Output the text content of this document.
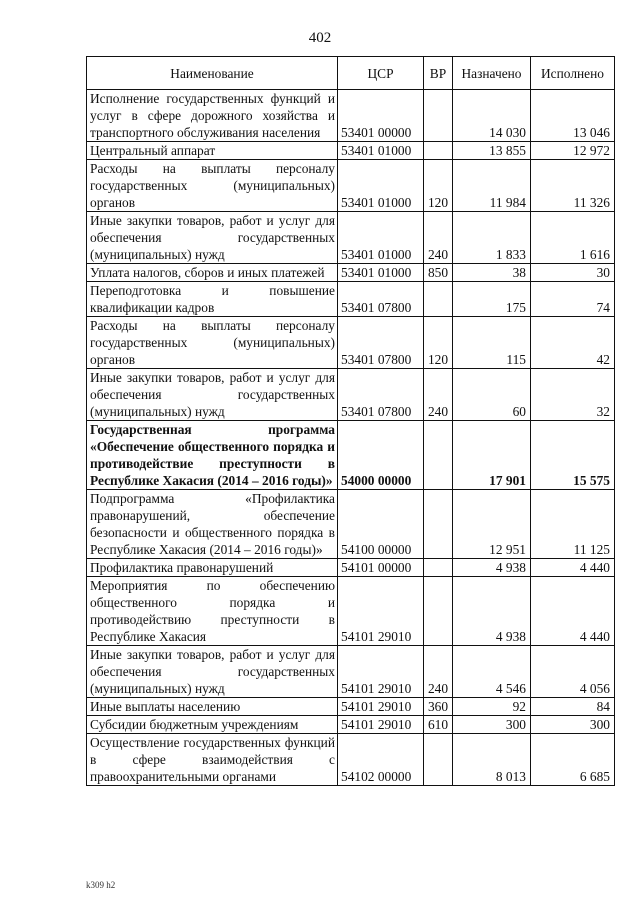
402
Наименование	ЦСР	ВР	Назначено	Исполнено
Исполнение государственных функций и услуг в сфере дорожного хозяйства и транспортного обслуживания населения	53401 00000		14 030	13 046
Центральный аппарат	53401 01000		13 855	12 972
Расходы на выплаты персоналу государственных (муниципальных) органов	53401 01000	120	11 984	11 326
Иные закупки товаров, работ и услуг для обеспечения государственных (муниципальных) нужд	53401 01000	240	1 833	1 616
Уплата налогов, сборов и иных платежей	53401 01000	850	38	30
Переподготовка и повышение квалификации кадров	53401 07800		175	74
Расходы на выплаты персоналу государственных (муниципальных) органов	53401 07800	120	115	42
Иные закупки товаров, работ и услуг для обеспечения государственных (муниципальных) нужд	53401 07800	240	60	32
Государственная программа «Обеспечение общественного порядка и противодействие преступности в Республике Хакасия (2014 – 2016 годы)»	54000 00000		17 901	15 575
Подпрограмма «Профилактика правонарушений, обеспечение безопасности и общественного порядка в Республике Хакасия (2014 – 2016 годы)»	54100 00000		12 951	11 125
Профилактика правонарушений	54101 00000		4 938	4 440
Мероприятия по обеспечению общественного порядка и противодействию преступности в Республике Хакасия	54101 29010		4 938	4 440
Иные закупки товаров, работ и услуг для обеспечения государственных (муниципальных) нужд	54101 29010	240	4 546	4 056
Иные выплаты населению	54101 29010	360	92	84
Субсидии бюджетным учреждениям	54101 29010	610	300	300
Осуществление государственных функций в сфере взаимодействия с правоохранительными органами	54102 00000		8 013	6 685
k309 h2
